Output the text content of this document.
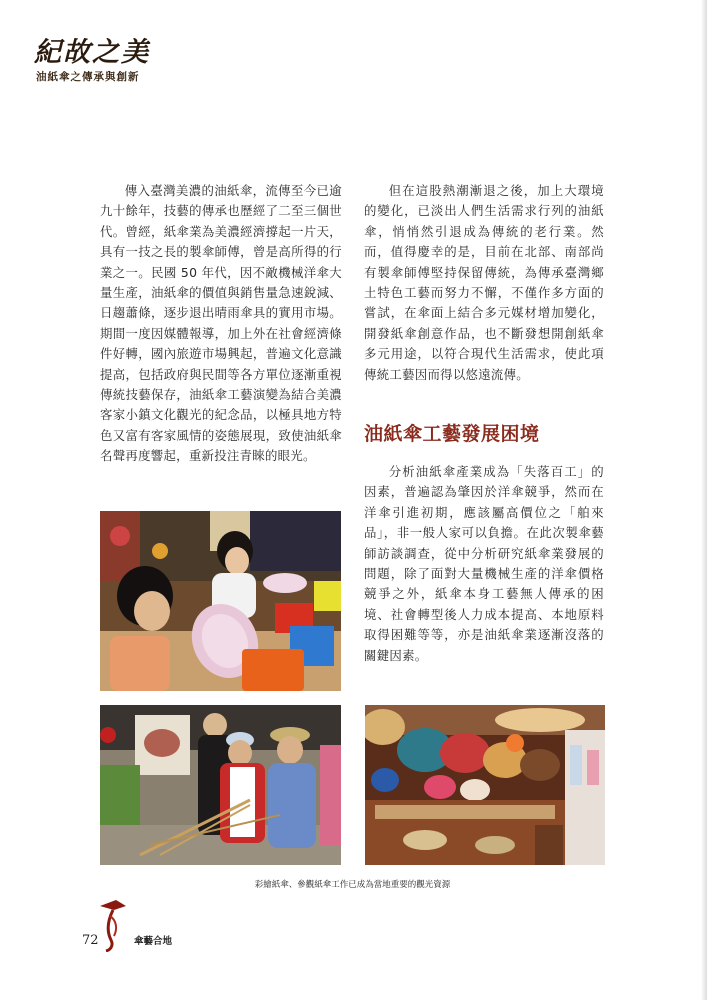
紀故之美
油紙傘之傳承與創新

傳入臺灣美濃的油紙傘，流傳至今已逾九十餘年，技藝的傳承也歷經了二至三個世代。曾經，紙傘業為美濃經濟撐起一片天，具有一技之長的製傘師傅，曾是高所得的行業之一。民國 50 年代，因不敵機械洋傘大量生產，油紙傘的價值與銷售量急速銳減、日趨蕭條，逐步退出晴雨傘具的實用市場。期間一度因媒體報導，加上外在社會經濟條件好轉，國內旅遊市場興起，普遍文化意識提高，包括政府與民間等各方單位逐漸重視傳統技藝保存，油紙傘工藝演變為結合美濃客家小鎮文化觀光的紀念品，以極具地方特色又富有客家風情的姿態展現，致使油紙傘名聲再度響起，重新投注青睞的眼光。

但在這股熱潮漸退之後，加上大環境的變化，已淡出人們生活需求行列的油紙傘，悄悄然引退成為傳統的老行業。然而，值得慶幸的是，目前在北部、南部尚有製傘師傅堅持保留傳統，為傳承臺灣鄉土特色工藝而努力不懈，不僅作多方面的嘗試，在傘面上結合多元媒材增加變化，開發紙傘創意作品，也不斷發想開創紙傘多元用途，以符合現代生活需求，使此項傳統工藝因而得以悠遠流傳。

油紙傘工藝發展困境

分析油紙傘產業成為「失落百工」的因素，普遍認為肇因於洋傘競爭，然而在洋傘引進初期，應該屬高價位之「舶來品」，非一般人家可以負擔。在此次製傘藝師訪談調查，從中分析研究紙傘業發展的問題，除了面對大量機械生產的洋傘價格競爭之外，紙傘本身工藝無人傳承的困境、社會轉型後人力成本提高、本地原料取得困難等等，亦是油紙傘業逐漸沒落的關鍵因素。

彩繪紙傘、參觀紙傘工作已成為當地重要的觀光資源
72	傘藝合地
